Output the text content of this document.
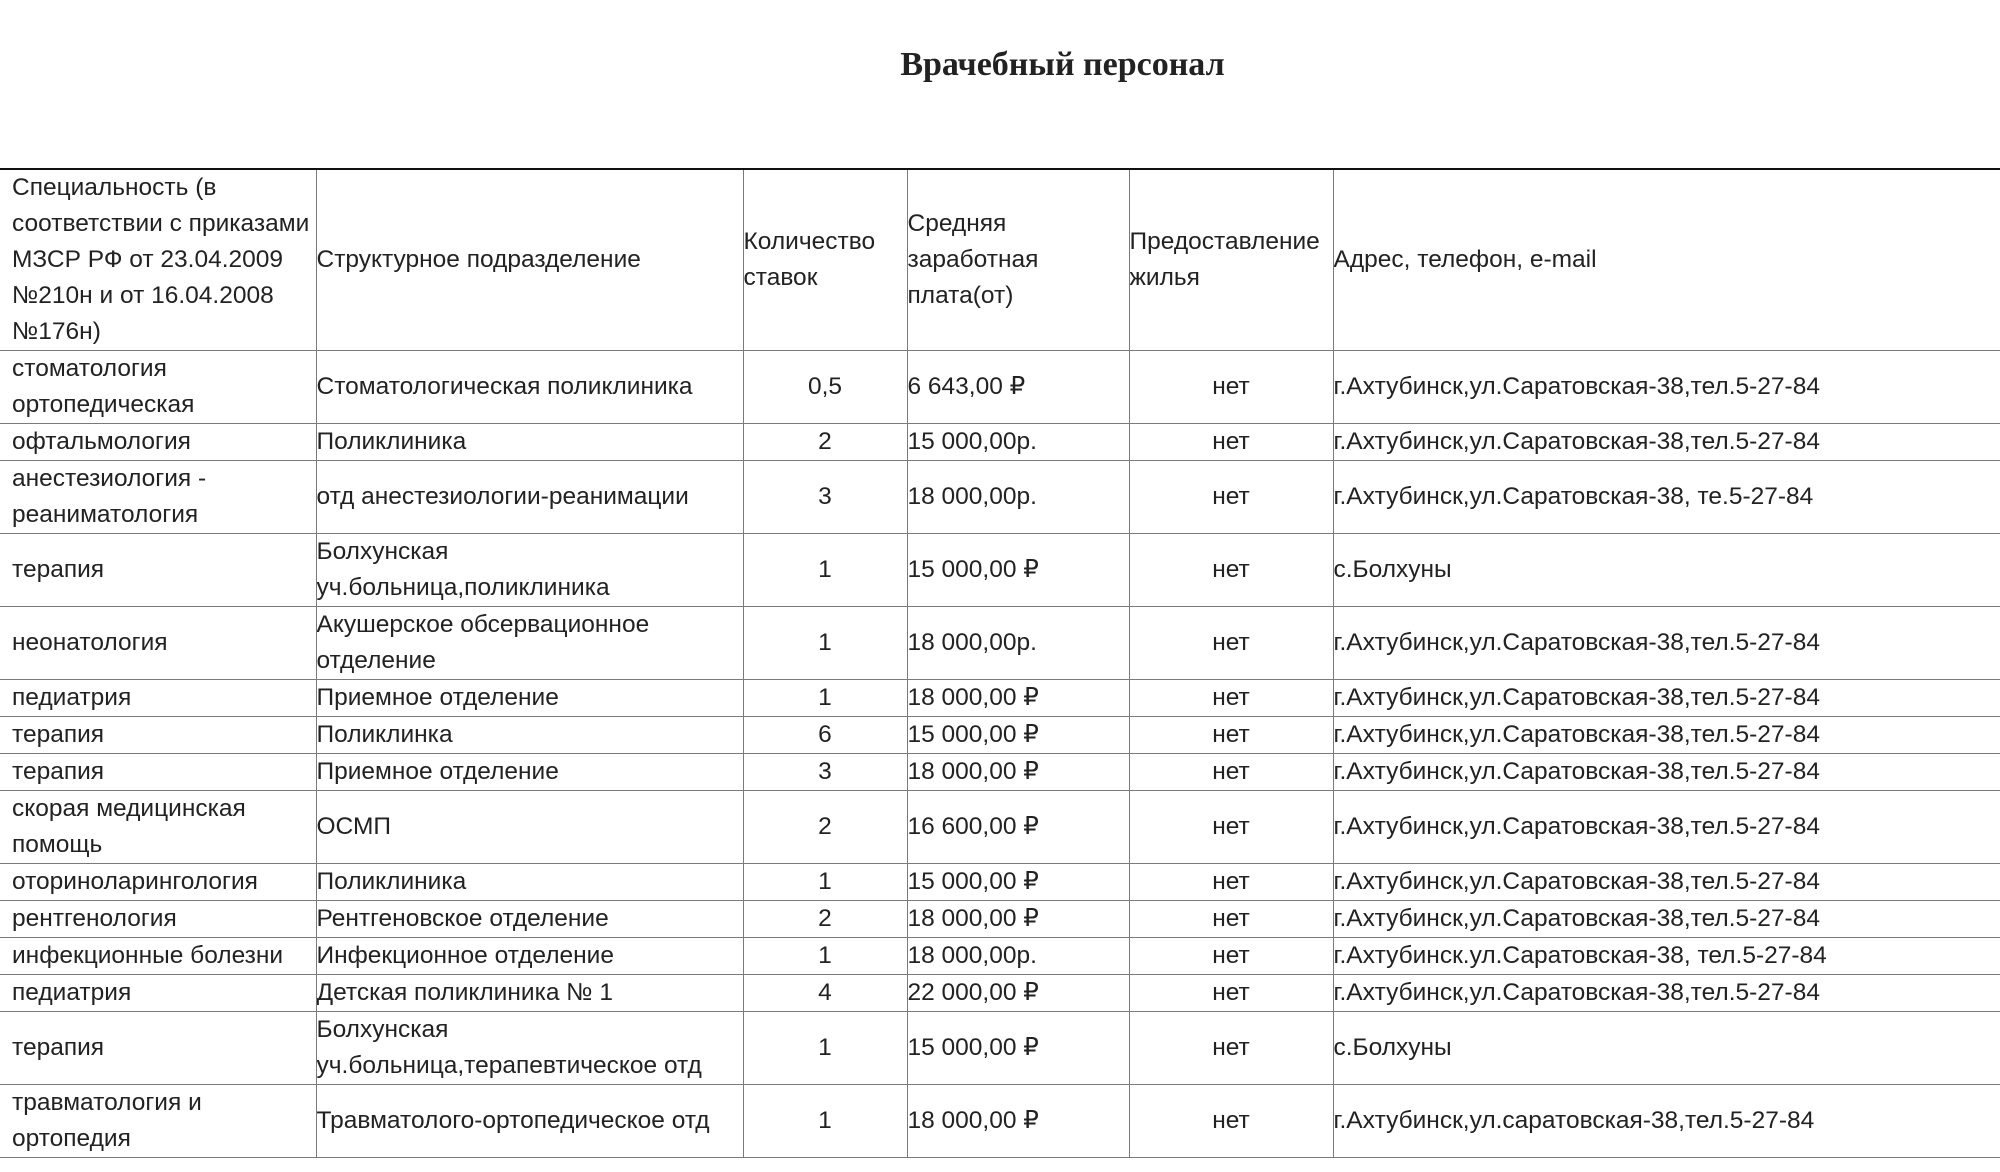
Врачебный персонал
Специальность (в соответствии с приказами МЗСР РФ от 23.04.2009 №210н и от 16.04.2008 №176н)	Структурное подразделение	Количество ставок	Средняя заработная плата(от)	Предоставление жилья	Адрес, телефон, e-mail
стоматология ортопедическая	Стоматологическая поликлиника	0,5	6 643,00 ₽	нет	г.Ахтубинск,ул.Саратовская-38,тел.5-27-84
офтальмология	Поликлиника	2	15 000,00р.	нет	г.Ахтубинск,ул.Саратовская-38,тел.5-27-84
анестезиология - реаниматология	отд анестезиологии-реанимации	3	18 000,00р.	нет	г.Ахтубинск,ул.Саратовская-38, те.5-27-84
терапия	Болхунская уч.больница,поликлиника	1	15 000,00 ₽	нет	с.Болхуны
неонатология	Акушерское обсервационное отделение	1	18 000,00р.	нет	г.Ахтубинск,ул.Саратовская-38,тел.5-27-84
педиатрия	Приемное отделение	1	18 000,00 ₽	нет	г.Ахтубинск,ул.Саратовская-38,тел.5-27-84
терапия	Поликлинка	6	15 000,00 ₽	нет	г.Ахтубинск,ул.Саратовская-38,тел.5-27-84
терапия	Приемное отделение	3	18 000,00 ₽	нет	г.Ахтубинск,ул.Саратовская-38,тел.5-27-84
скорая медицинская помощь	ОСМП	2	16 600,00 ₽	нет	г.Ахтубинск,ул.Саратовская-38,тел.5-27-84
оториноларингология	Поликлиника	1	15 000,00 ₽	нет	г.Ахтубинск,ул.Саратовская-38,тел.5-27-84
рентгенология	Рентгеновское отделение	2	18 000,00 ₽	нет	г.Ахтубинск,ул.Саратовская-38,тел.5-27-84
инфекционные болезни	Инфекционное отделение	1	18 000,00р.	нет	г.Ахтубинск.ул.Саратовская-38, тел.5-27-84
педиатрия	Детская поликлиника № 1	4	22 000,00 ₽	нет	г.Ахтубинск,ул.Саратовская-38,тел.5-27-84
терапия	Болхунская уч.больница,терапевтическое отд	1	15 000,00 ₽	нет	с.Болхуны
травматология и ортопедия	Травматолого-ортопедическое отд	1	18 000,00 ₽	нет	г.Ахтубинск,ул.саратовская-38,тел.5-27-84
